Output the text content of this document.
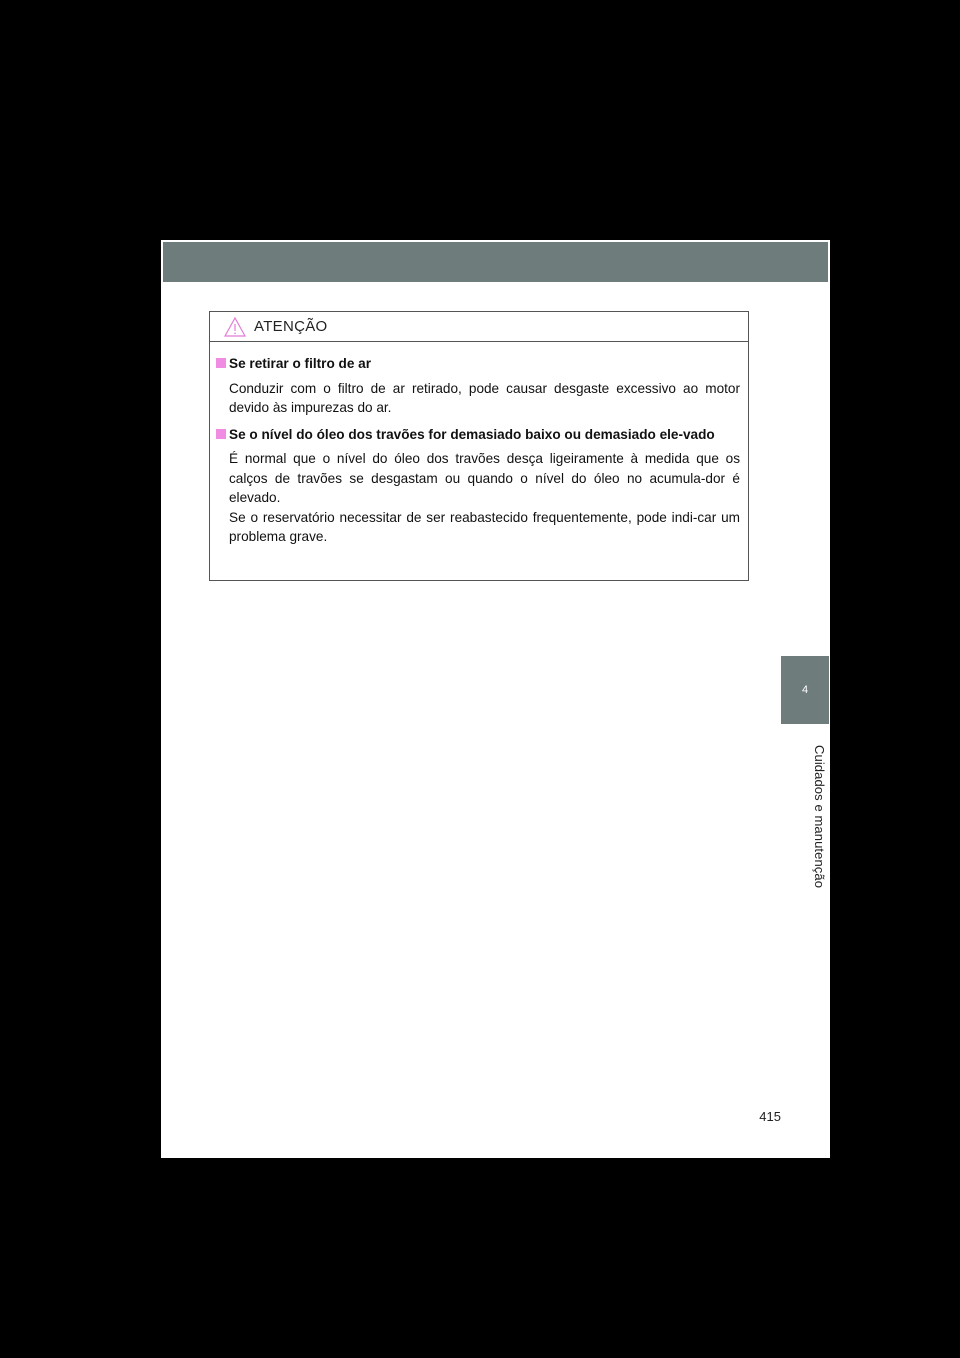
ATENÇÃO
Se retirar o filtro de ar

Conduzir com o filtro de ar retirado, pode causar desgaste excessivo ao motor devido às impurezas do ar.

Se o nível do óleo dos travões for demasiado baixo ou demasiado ele-vado

É normal que o nível do óleo dos travões desça ligeiramente à medida que os calços de travões se desgastam ou quando o nível do óleo no acumula-dor é elevado.

Se o reservatório necessitar de ser reabastecido frequentemente, pode indi-car um problema grave.

4
Cuidados e manutenção
415
